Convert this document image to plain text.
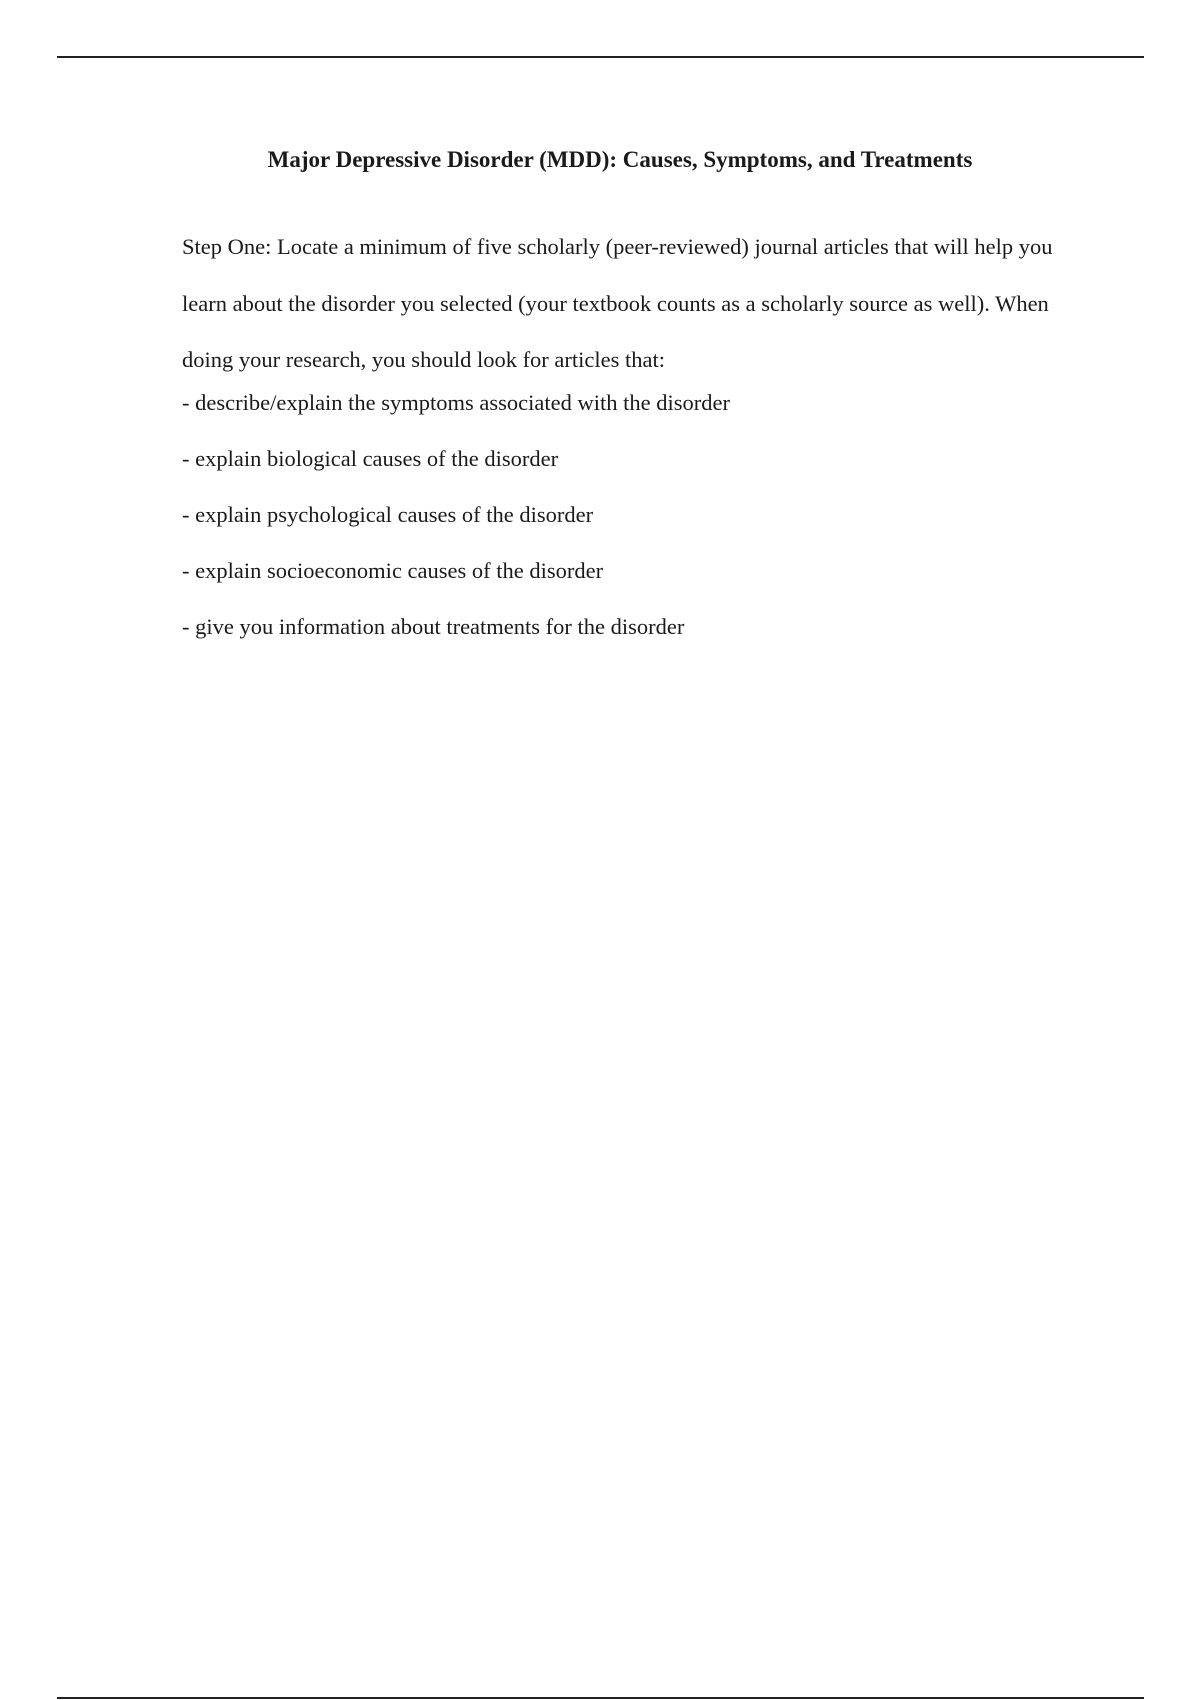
Major Depressive Disorder (MDD): Causes, Symptoms, and Treatments

Step One: Locate a minimum of five scholarly (peer-reviewed) journal articles that will help you learn about the disorder you selected (your textbook counts as a scholarly source as well). When doing your research, you should look for articles that:

- describe/explain the symptoms associated with the disorder
- explain biological causes of the disorder
- explain psychological causes of the disorder
- explain socioeconomic causes of the disorder
- give you information about treatments for the disorder
